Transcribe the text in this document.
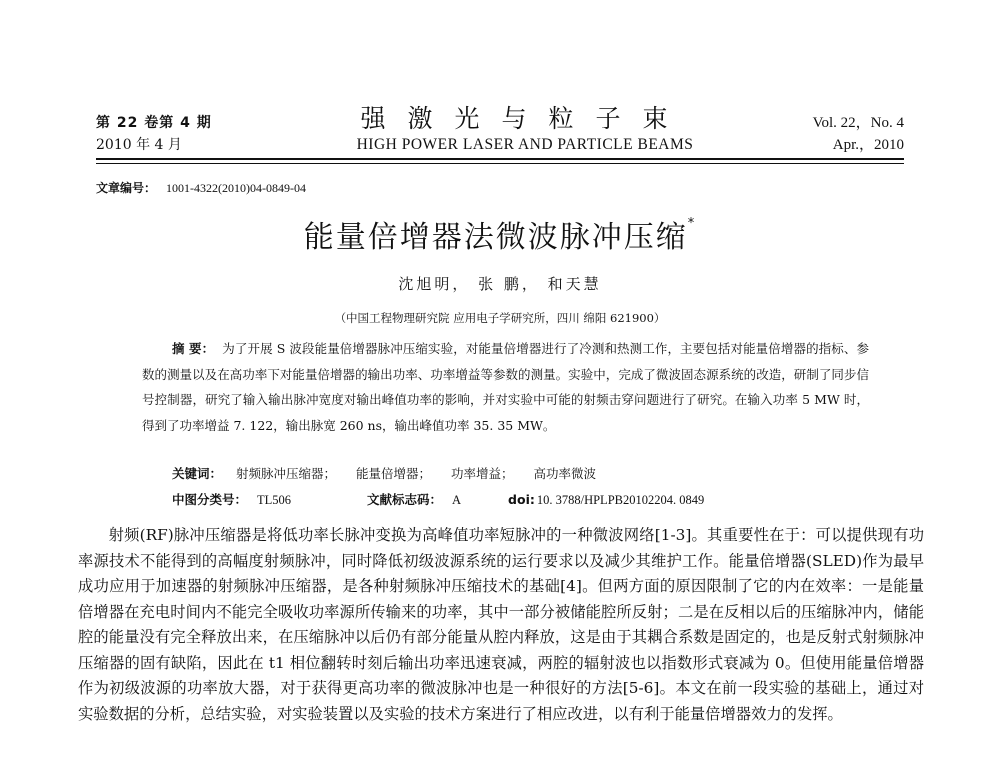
第 22 卷第 4 期
2010 年 4 月
强激光与粒子束
HIGH POWER LASER AND PARTICLE BEAMS
Vol. 22，No. 4
Apr.，2010
文章编号： 1001-4322(2010)04-0849-04
能量倍增器法微波脉冲压缩*
沈旭明， 张 鹏， 和天慧
（中国工程物理研究院 应用电子学研究所，四川 绵阳 621900）
摘 要： 为了开展 S 波段能量倍增器脉冲压缩实验，对能量倍增器进行了冷测和热测工作，主要包括对能量倍增器的指标、参数的测量以及在高功率下对能量倍增器的输出功率、功率增益等参数的测量。实验中，完成了微波固态源系统的改造，研制了同步信号控制器，研究了输入输出脉冲宽度对输出峰值功率的影响，并对实验中可能的射频击穿问题进行了研究。在输入功率 5 MW 时，得到了功率增益 7. 122，输出脉宽 260 ns，输出峰值功率 35. 35 MW。
关键词： 射频脉冲压缩器； 能量倍增器； 功率增益； 高功率微波
中图分类号： TL506	文献标志码： A	doi: 10. 3788/HPLPB20102204. 0849

射频(RF)脉冲压缩器是将低功率长脉冲变换为高峰值功率短脉冲的一种微波网络[1-3]。其重要性在于：可以提供现有功率源技术不能得到的高幅度射频脉冲，同时降低初级波源系统的运行要求以及减少其维护工作。能量倍增器(SLED)作为最早成功应用于加速器的射频脉冲压缩器，是各种射频脉冲压缩技术的基础[4]。但两方面的原因限制了它的内在效率：一是能量倍增器在充电时间内不能完全吸收功率源所传输来的功率，其中一部分被储能腔所反射；二是在反相以后的压缩脉冲内，储能腔的能量没有完全释放出来，在压缩脉冲以后仍有部分能量从腔内释放，这是由于其耦合系数是固定的，也是反射式射频脉冲压缩器的固有缺陷，因此在 t1 相位翻转时刻后输出功率迅速衰减，两腔的辐射波也以指数形式衰减为 0。但使用能量倍增器作为初级波源的功率放大器，对于获得更高功率的微波脉冲也是一种很好的方法[5-6]。本文在前一段实验的基础上，通过对实验数据的分析，总结实验，对实验装置以及实验的技术方案进行了相应改进，以有利于能量倍增器效力的发挥。
